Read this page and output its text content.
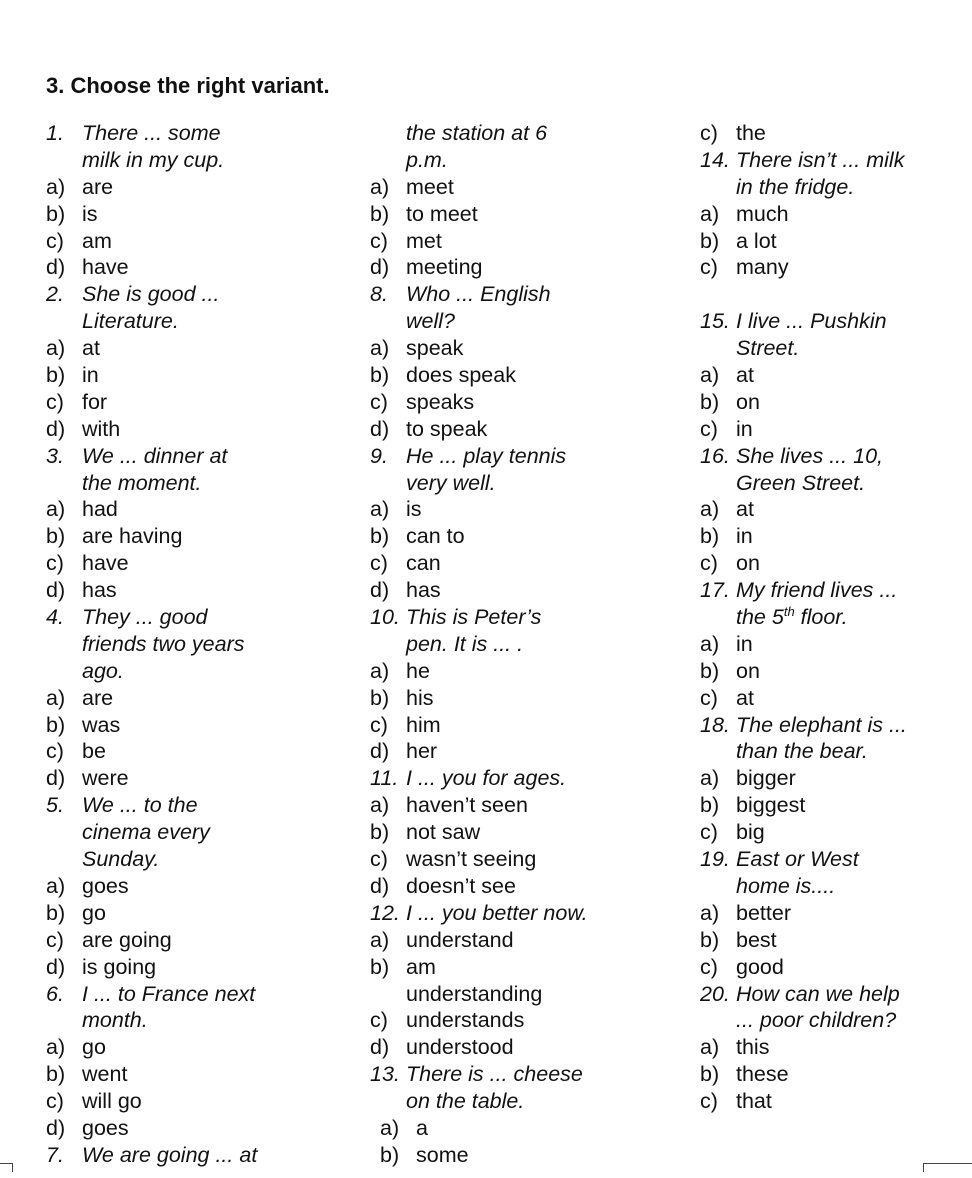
3. Choose the right variant.
1. There ... some
milk in my cup.
a) are
b) is
c) am
d) have
2. She is good ...
Literature.
a) at
b) in
c) for
d) with
3. We ... dinner at
the moment.
a) had
b) are having
c) have
d) has
4. They ... good
friends two years
ago.
a) are
b) was
c) be
d) were
5. We ... to the
cinema every
Sunday.
a) goes
b) go
c) are going
d) is going
6. I ... to France next
month.
a) go
b) went
c) will go
d) goes
7. We are going ... at
the station at 6
p.m.
a) meet
b) to meet
c) met
d) meeting
8. Who ... English
well?
a) speak
b) does speak
c) speaks
d) to speak
9. He ... play tennis
very well.
a) is
b) can to
c) can
d) has
10. This is Peter’s
pen. It is ... .
a) he
b) his
c) him
d) her
11. I ... you for ages.
a) haven’t seen
b) not saw
c) wasn’t seeing
d) doesn’t see
12. I ... you better now.
a) understand
b) am
understanding
c) understands
d) understood
13. There is ... cheese
on the table.
a) a
b) some
c) the
14. There isn’t ... milk
in the fridge.
a) much
b) a lot
c) many
15. I live ... Pushkin
Street.
a) at
b) on
c) in
16. She lives ... 10,
Green Street.
a) at
b) in
c) on
17. My friend lives ...
the 5th floor.
a) in
b) on
c) at
18. The elephant is ...
than the bear.
a) bigger
b) biggest
c) big
19. East or West
home is....
a) better
b) best
c) good
20. How can we help
... poor children?
a) this
b) these
c) that
